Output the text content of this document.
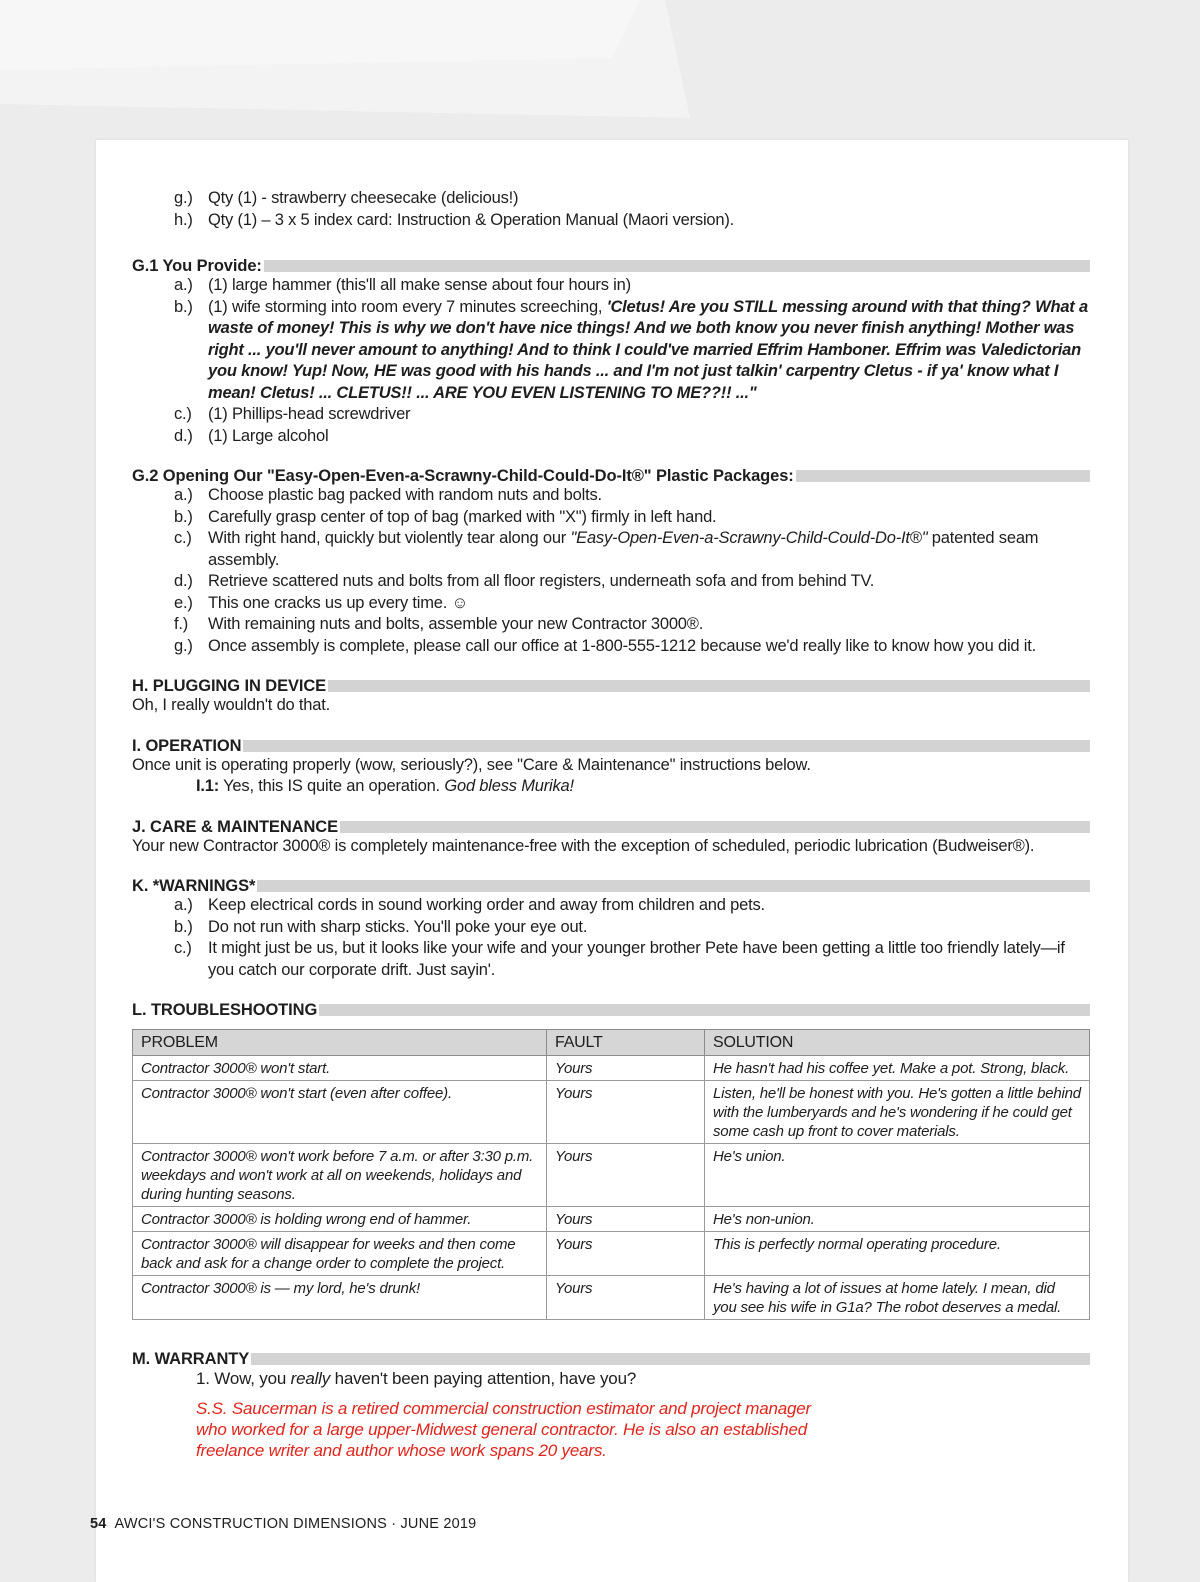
g.) Qty (1) - strawberry cheesecake (delicious!)
h.) Qty (1) – 3 x 5 index card: Instruction & Operation Manual (Maori version).
G.1 You Provide:
a.) (1) large hammer (this'll all make sense about four hours in)
b.) (1) wife storming into room every 7 minutes screeching, 'Cletus! Are you STILL messing around with that thing? What a waste of money! This is why we don't have nice things! And we both know you never finish anything! Mother was right ... you'll never amount to anything! And to think I could've married Effrim Hamboner. Effrim was Valedictorian you know! Yup! Now, HE was good with his hands ... and I'm not just talkin' carpentry Cletus - if ya' know what I mean! Cletus! ... CLETUS!! ... ARE YOU EVEN LISTENING TO ME??!! ..."
c.) (1) Phillips-head screwdriver
d.) (1) Large alcohol
G.2 Opening Our "Easy-Open-Even-a-Scrawny-Child-Could-Do-It®" Plastic Packages:
a.) Choose plastic bag packed with random nuts and bolts.
b.) Carefully grasp center of top of bag (marked with "X") firmly in left hand.
c.) With right hand, quickly but violently tear along our "Easy-Open-Even-a-Scrawny-Child-Could-Do-It®" patented seam assembly.
d.) Retrieve scattered nuts and bolts from all floor registers, underneath sofa and from behind TV.
e.) This one cracks us up every time. ☺
f.)	With remaining nuts and bolts, assemble your new Contractor 3000®.
g.) Once assembly is complete, please call our office at 1-800-555-1212 because we'd really like to know how you did it.
H. PLUGGING IN DEVICE
Oh, I really wouldn't do that.
I. OPERATION
Once unit is operating properly (wow, seriously?), see "Care & Maintenance" instructions below.
I.1: Yes, this IS quite an operation. God bless Murika!
J. CARE & MAINTENANCE
Your new Contractor 3000® is completely maintenance-free with the exception of scheduled, periodic lubrication (Budweiser®).
K. *WARNINGS*
a.) Keep electrical cords in sound working order and away from children and pets.
b.) Do not run with sharp sticks. You'll poke your eye out.
c.) It might just be us, but it looks like your wife and your younger brother Pete have been getting a little too friendly lately—if you catch our corporate drift. Just sayin'.
L. TROUBLESHOOTING
PROBLEM	FAULT	SOLUTION
Contractor 3000® won't start.	Yours	He hasn't had his coffee yet. Make a pot. Strong, black.
Contractor 3000® won't start (even after coffee).	Yours	Listen, he'll be honest with you. He's gotten a little behind with the lumberyards and he's wondering if he could get some cash up front to cover materials.
Contractor 3000® won't work before 7 a.m. or after 3:30 p.m. weekdays and won't work at all on weekends, holidays and during hunting seasons.	Yours	He's union.
Contractor 3000® is holding wrong end of hammer.	Yours	He's non-union.
Contractor 3000® will disappear for weeks and then come back and ask for a change order to complete the project.	Yours	This is perfectly normal operating procedure.
Contractor 3000® is — my lord, he's drunk!	Yours	He's having a lot of issues at home lately. I mean, did you see his wife in G1a? The robot deserves a medal.
M. WARRANTY
1. Wow, you really haven't been paying attention, have you?
S.S. Saucerman is a retired commercial construction estimator and project manager who worked for a large upper-Midwest general contractor. He is also an established freelance writer and author whose work spans 20 years.
54 AWCI'S CONSTRUCTION DIMENSIONS · JUNE 2019
